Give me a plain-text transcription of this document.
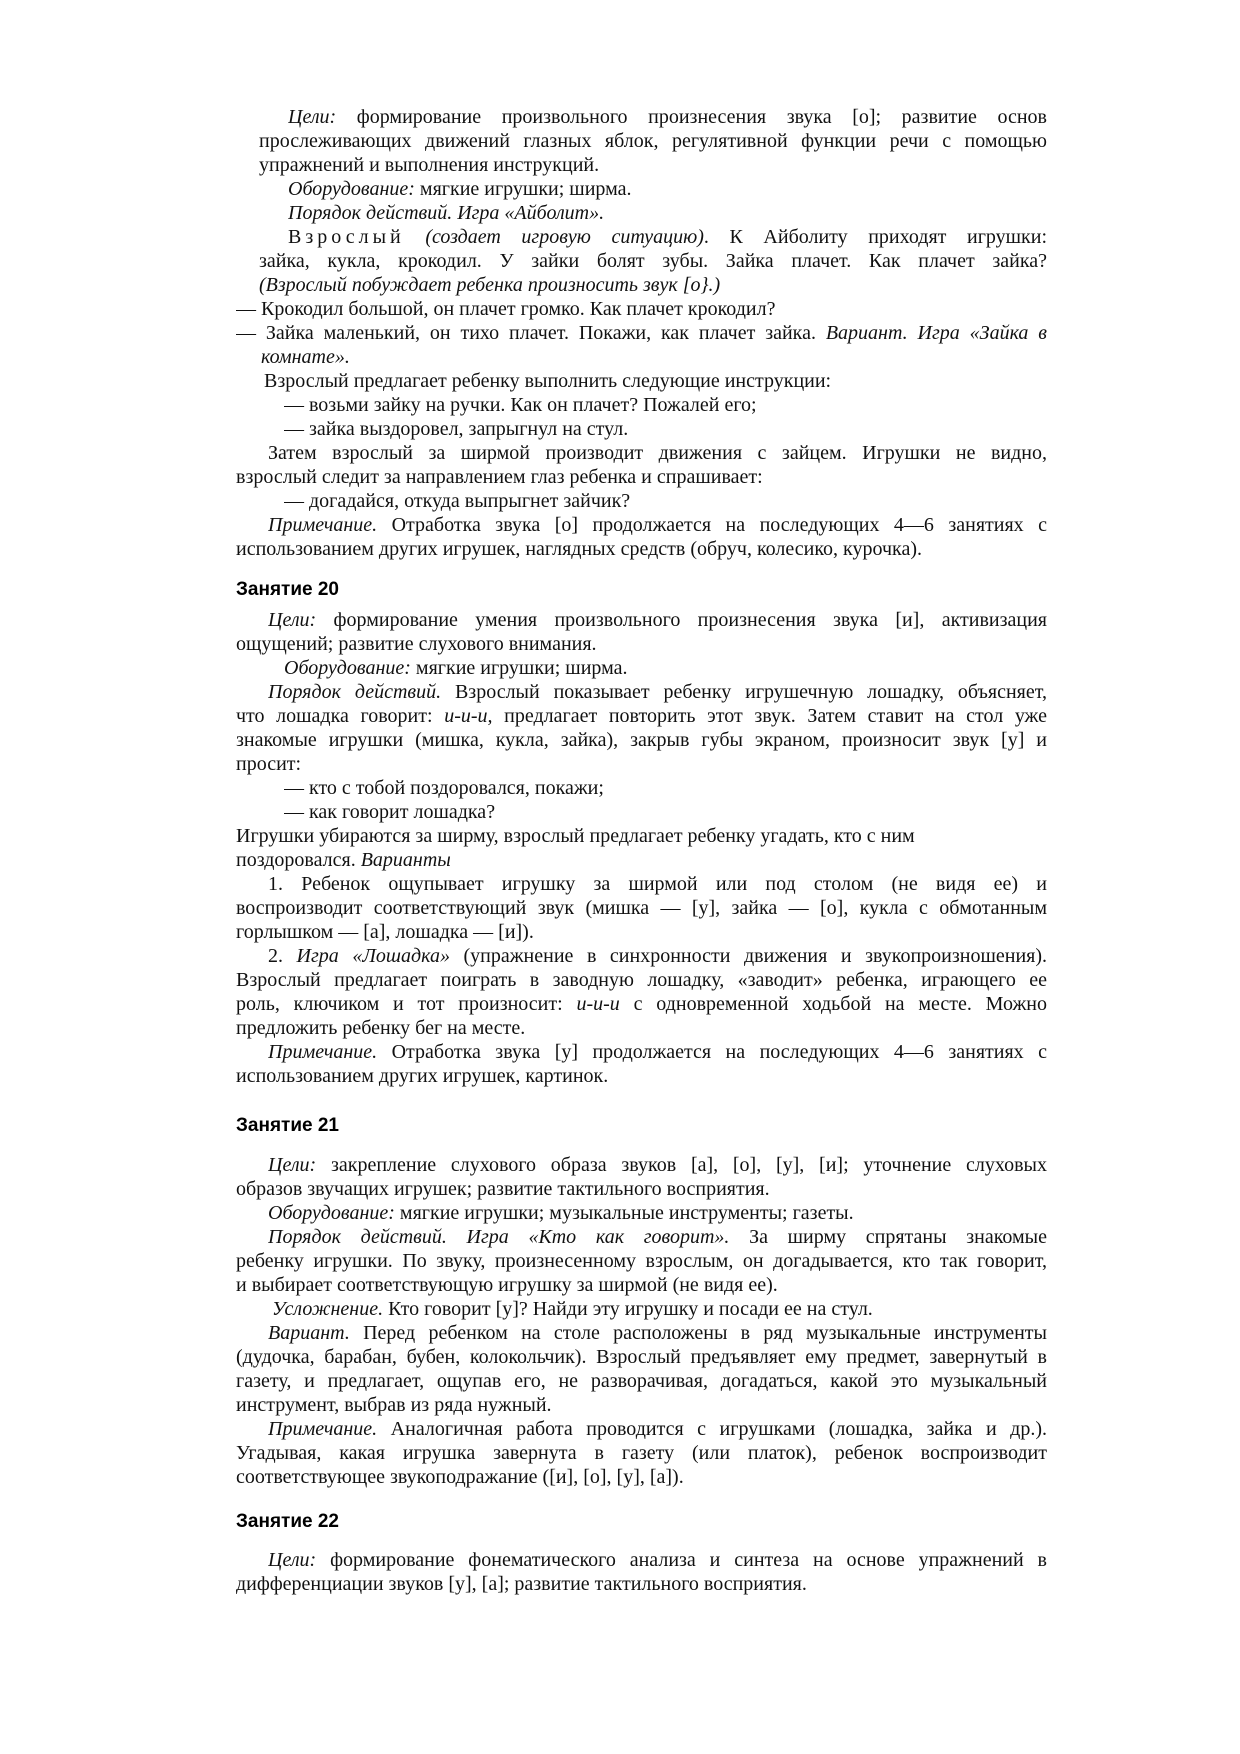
Цели: формирование произвольного произнесения звука [о]; развитие основ
прослеживающих движений глазных яблок, регулятивной функции речи с помощью
упражнений и выполнения инструкций.
Оборудование: мягкие игрушки; ширма.
Порядок действий. Игра «Айболит».
Взрослый (создает игровую ситуацию). К Айболиту приходят игрушки:
зайка, кукла, крокодил. У зайки болят зубы. Зайка плачет. Как плачет зайка?
(Взрослый побуждает ребенка произносить звук [о}.)
— Крокодил большой, он плачет громко. Как плачет крокодил?
— Зайка маленький, он тихо плачет. Покажи, как плачет зайка. Вариант. Игра «Зайка в
комнате».
Взрослый предлагает ребенку выполнить следующие инструкции:
— возьми зайку на ручки. Как он плачет? Пожалей его;
— зайка выздоровел, запрыгнул на стул.
Затем взрослый за ширмой производит движения с зайцем. Игрушки не видно,
взрослый следит за направлением глаз ребенка и спрашивает:
— догадайся, откуда выпрыгнет зайчик?
Примечание. Отработка звука [о] продолжается на последующих 4—6 занятиях с
использованием других игрушек, наглядных средств (обруч, колесико, курочка).
Занятие 20
Цели: формирование умения произвольного произнесения звука [и], активизация
ощущений; развитие слухового внимания.
Оборудование: мягкие игрушки; ширма.
Порядок действий. Взрослый показывает ребенку игрушечную лошадку, объясняет,
что лошадка говорит: и-и-и, предлагает повторить этот звук. Затем ставит на стол уже
знакомые игрушки (мишка, кукла, зайка), закрыв губы экраном, произносит звук [у] и
просит:
— кто с тобой поздоровался, покажи;
— как говорит лошадка?
Игрушки убираются за ширму, взрослый предлагает ребенку угадать, кто с ним
поздоровался. Варианты
1. Ребенок ощупывает игрушку за ширмой или под столом (не видя ее) и
воспроизводит соответствующий звук (мишка — [у], зайка — [о], кукла с обмотанным
горлышком — [а], лошадка — [и]).
2. Игра «Лошадка» (упражнение в синхронности движения и звукопроизношения).
Взрослый предлагает поиграть в заводную лошадку, «заводит» ребенка, играющего ее
роль, ключиком и тот произносит: и-и-и с одновременной ходьбой на месте. Можно
предложить ребенку бег на месте.
Примечание. Отработка звука [у] продолжается на последующих 4—6 занятиях с
использованием других игрушек, картинок.
Занятие 21
Цели: закрепление слухового образа звуков [а], [о], [у], [и]; уточнение слуховых
образов звучащих игрушек; развитие тактильного восприятия.
Оборудование: мягкие игрушки; музыкальные инструменты; газеты.
Порядок действий. Игра «Кто как говорит». За ширму спрятаны знакомые
ребенку игрушки. По звуку, произнесенному взрослым, он догадывается, кто так говорит,
и выбирает соответствующую игрушку за ширмой (не видя ее).
Усложнение. Кто говорит [у]? Найди эту игрушку и посади ее на стул.
Вариант. Перед ребенком на столе расположены в ряд музыкальные инструменты
(дудочка, барабан, бубен, колокольчик). Взрослый предъявляет ему предмет, завернутый в
газету, и предлагает, ощупав его, не разворачивая, догадаться, какой это музыкальный
инструмент, выбрав из ряда нужный.
Примечание. Аналогичная работа проводится с игрушками (лошадка, зайка и др.).
Угадывая, какая игрушка завернута в газету (или платок), ребенок воспроизводит
соответствующее звукоподражание ([и], [о], [у], [а]).
Занятие 22
Цели: формирование фонематического анализа и синтеза на основе упражнений в
дифференциации звуков [у], [а]; развитие тактильного восприятия.
